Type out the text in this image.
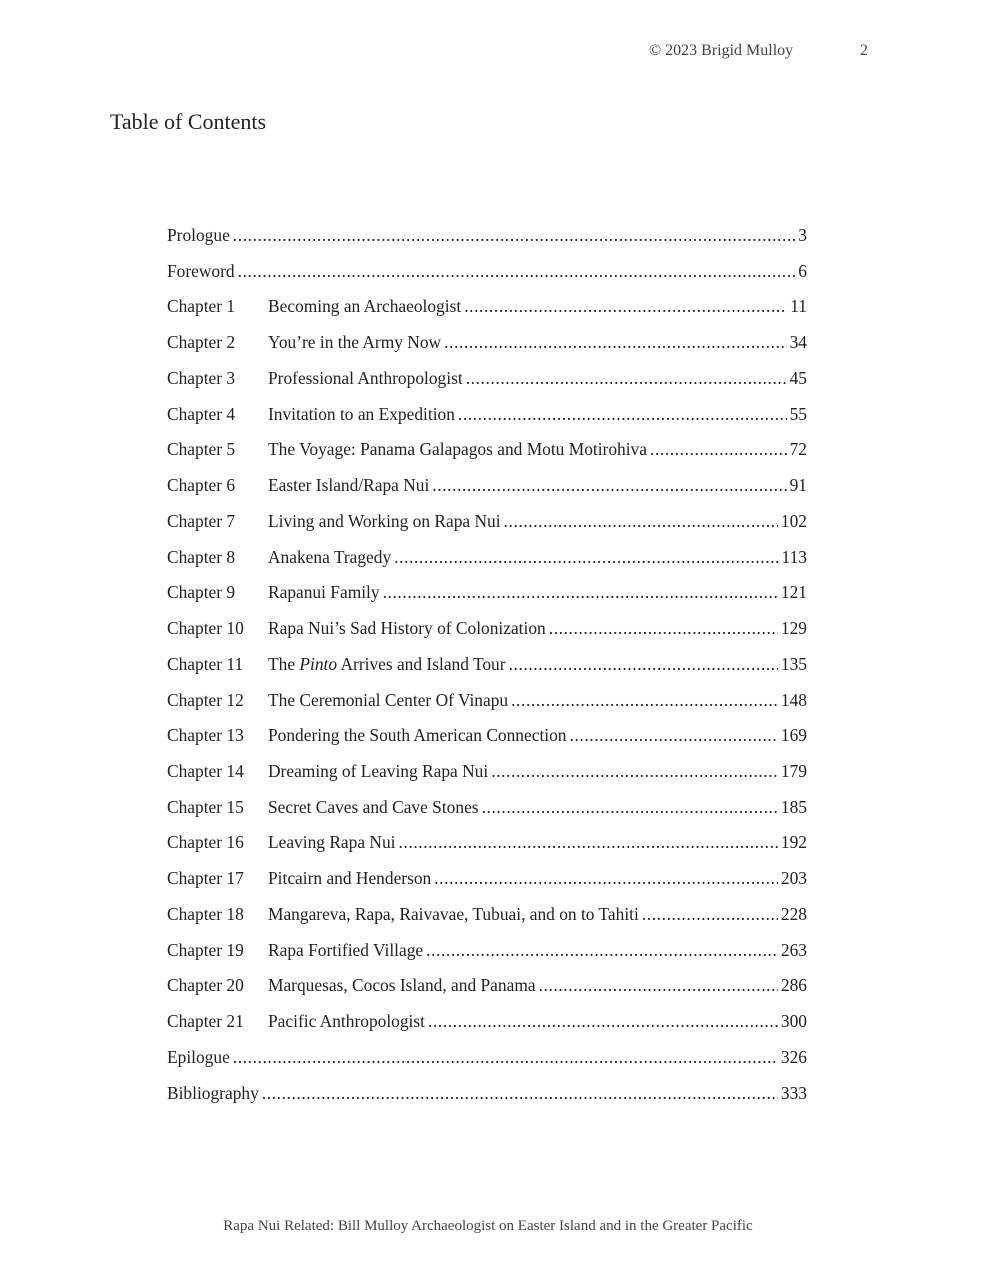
© 2023 Brigid Mulloy	2
Table of Contents
Prologue .....	3
Foreword .....	6
Chapter 1	Becoming an Archaeologist .....	11
Chapter 2	You’re in the Army Now .....	34
Chapter 3	Professional Anthropologist .....	45
Chapter 4	Invitation to an Expedition .....	55
Chapter 5	The Voyage: Panama Galapagos and Motu Motirohiva .....	72
Chapter 6	Easter Island/Rapa Nui .....	91
Chapter 7	Living and Working on Rapa Nui .....	102
Chapter 8	Anakena Tragedy .....	113
Chapter 9	Rapanui Family .....	121
Chapter 10	Rapa Nui’s Sad History of Colonization .....	129
Chapter 11	The Pinto Arrives and Island Tour .....	135
Chapter 12	The Ceremonial Center Of Vinapu .....	148
Chapter 13	Pondering the South American Connection .....	169
Chapter 14	Dreaming of Leaving Rapa Nui .....	179
Chapter 15	Secret Caves and Cave Stones .....	185
Chapter 16	Leaving Rapa Nui .....	192
Chapter 17	Pitcairn and Henderson .....	203
Chapter 18	Mangareva, Rapa, Raivavae, Tubuai, and on to Tahiti .....	228
Chapter 19	Rapa Fortified Village .....	263
Chapter 20	Marquesas, Cocos Island, and Panama .....	286
Chapter 21	Pacific Anthropologist .....	300
Epilogue .....	326
Bibliography .....	333
Rapa Nui Related: Bill Mulloy Archaeologist on Easter Island and in the Greater Pacific
